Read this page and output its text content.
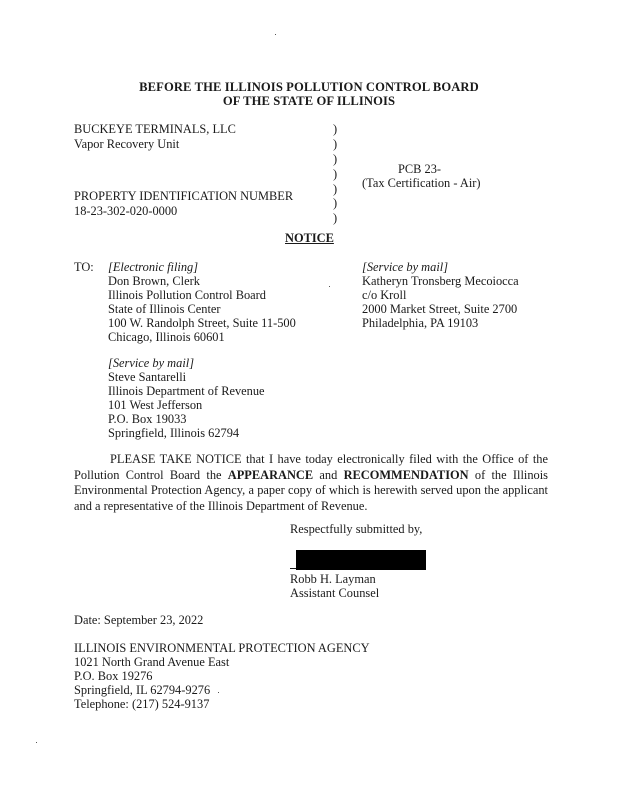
BEFORE THE ILLINOIS POLLUTION CONTROL BOARD
OF THE STATE OF ILLINOIS
BUCKEYE TERMINALS, LLC
Vapor Recovery Unit
PROPERTY IDENTIFICATION NUMBER
18-23-302-020-0000
)
)
)
)
)
)
)
PCB 23-
(Tax Certification - Air)
NOTICE
TO: [Electronic filing]
Don Brown, Clerk
Illinois Pollution Control Board
State of Illinois Center
100 W. Randolph Street, Suite 11-500
Chicago, Illinois 60601
[Service by mail]
Katheryn Tronsberg Mecoiocca
c/o Kroll
2000 Market Street, Suite 2700
Philadelphia, PA 19103
[Service by mail]
Steve Santarelli
Illinois Department of Revenue
101 West Jefferson
P.O. Box 19033
Springfield, Illinois 62794
PLEASE TAKE NOTICE that I have today electronically filed with the Office of the Pollution Control Board the APPEARANCE and RECOMMENDATION of the Illinois Environmental Protection Agency, a paper copy of which is herewith served upon the applicant and a representative of the Illinois Department of Revenue.
Respectfully submitted by,
Robb H. Layman
Assistant Counsel
Date: September 23, 2022
ILLINOIS ENVIRONMENTAL PROTECTION AGENCY
1021 North Grand Avenue East
P.O. Box 19276
Springfield, IL 62794-9276
Telephone: (217) 524-9137
